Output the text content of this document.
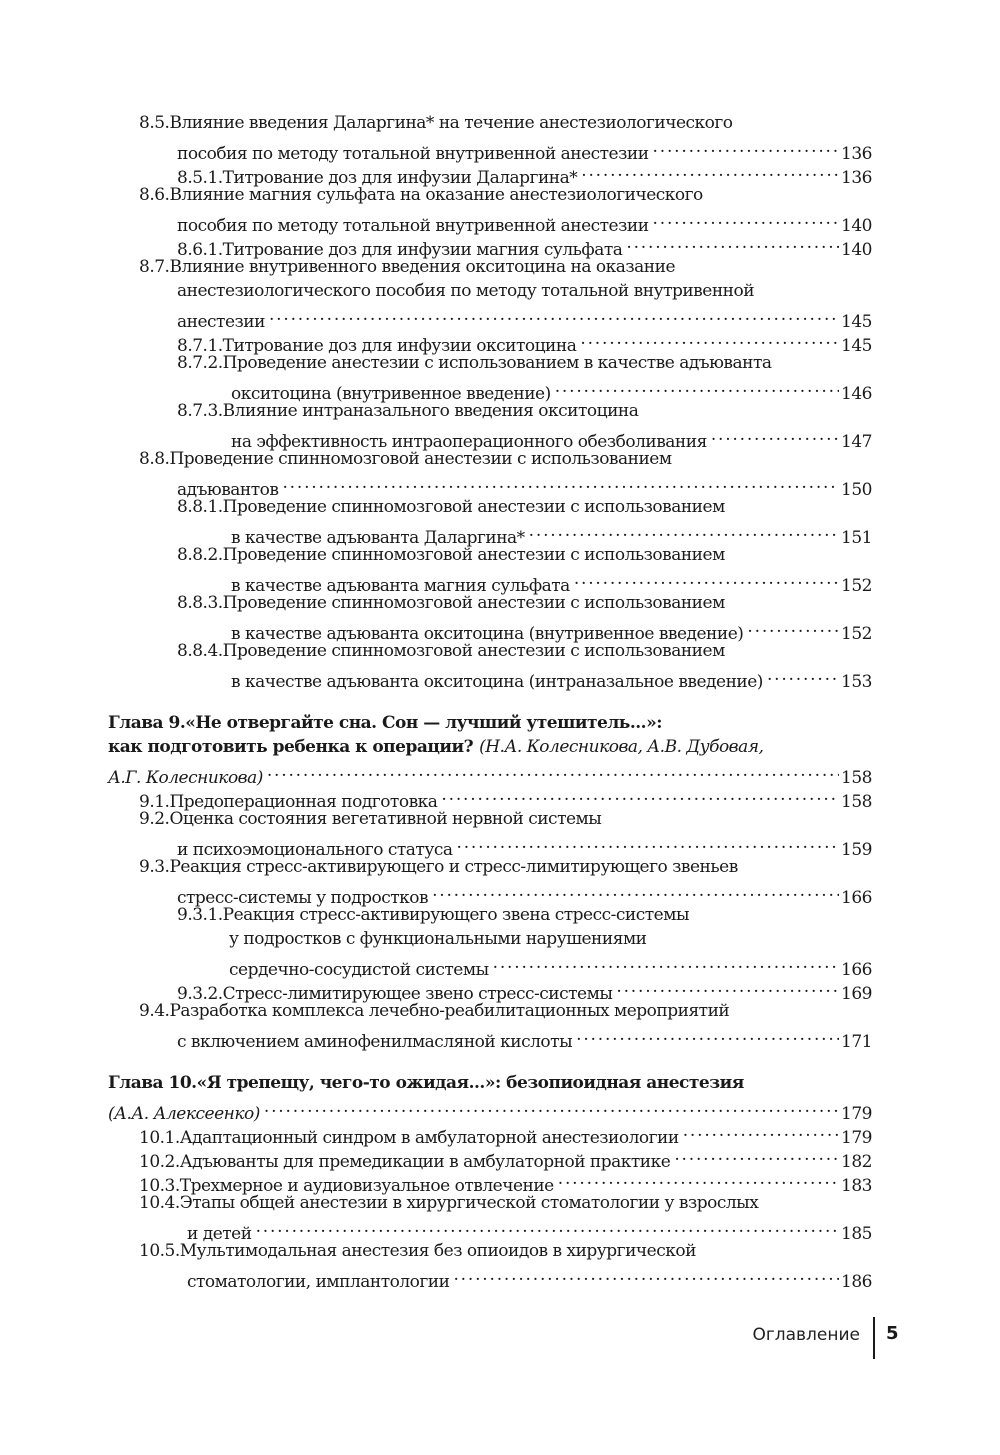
8.5. Влияние введения Даларгина* на течение анестезиологического
пособия по методу тотальной внутривенной анестезии . . .	136
8.5.1. Титрование доз для инфузии Даларгина* . . .	136
8.6. Влияние магния сульфата на оказание анестезиологического
пособия по методу тотальной внутривенной анестезии . . .	140
8.6.1. Титрование доз для инфузии магния сульфата . . .	140
8.7. Влияние внутривенного введения окситоцина на оказание
анестезиологического пособия по методу тотальной внутривенной
анестезии . . .	145
8.7.1. Титрование доз для инфузии окситоцина . . .	145
8.7.2. Проведение анестезии с использованием в качестве адъюванта
окситоцина (внутривенное введение) . . .	146
8.7.3. Влияние интраназального введения окситоцина
на эффективность интраоперационного обезболивания . . .	147
8.8. Проведение спинномозговой анестезии с использованием
адъювантов . . .	150
8.8.1. Проведение спинномозговой анестезии с использованием
в качестве адъюванта Даларгина* . . .	151
8.8.2. Проведение спинномозговой анестезии с использованием
в качестве адъюванта магния сульфата . . .	152
8.8.3. Проведение спинномозговой анестезии с использованием
в качестве адъюванта окситоцина (внутривенное введение) . . .	152
8.8.4. Проведение спинномозговой анестезии с использованием
в качестве адъюванта окситоцина (интраназальное введение) . . .	153
Глава 9. «Не отвергайте сна. Сон — лучший утешитель...»:
как подготовить ребенка к операции? (Н.А. Колесникова, А.В. Дубовая,
А.Г. Колесникова) . . .	158
9.1. Предоперационная подготовка . . .	158
9.2. Оценка состояния вегетативной нервной системы
и психоэмоционального статуса . . .	159
9.3. Реакция стресс-активирующего и стресс-лимитирующего звеньев
стресс-системы у подростков . . .	166
9.3.1. Реакция стресс-активирующего звена стресс-системы
у подростков с функциональными нарушениями
сердечно-сосудистой системы . . .	166
9.3.2. Стресс-лимитирующее звено стресс-системы . . .	169
9.4. Разработка комплекса лечебно-реабилитационных мероприятий
с включением аминофенилмасляной кислоты . . .	171
Глава 10. «Я трепещу, чего-то ожидая...»: безопиоидная анестезия
(А.А. Алексеенко) . . .	179
10.1. Адаптационный синдром в амбулаторной анестезиологии . . .	179
10.2. Адъюванты для премедикации в амбулаторной практике . . .	182
10.3. Трехмерное и аудиовизуальное отвлечение . . .	183
10.4. Этапы общей анестезии в хирургической стоматологии у взрослых
и детей . . .	185
10.5. Мультимодальная анестезия без опиоидов в хирургической
стоматологии, имплантологии . . .	186
Оглавление 5
